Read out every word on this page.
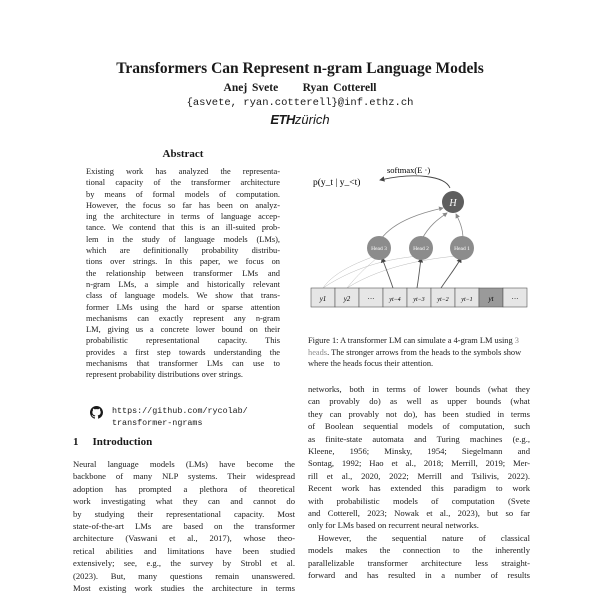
Transformers Can Represent n-gram Language Models
Anej Svete Ryan Cotterell
{asvete, ryan.cotterell}@inf.ethz.ch
ETHzürich
Abstract
Existing work has analyzed the representa-
tional capacity of the transformer architecture
by means of formal models of computation.
However, the focus so far has been on analyz-
ing the architecture in terms of language accep-
tance. We contend that this is an ill-suited prob-
lem in the study of language models (LMs),
which are definitionally probability distribu-
tions over strings. In this paper, we focus on
the relationship between transformer LMs and
n-gram LMs, a simple and historically relevant
class of language models. We show that trans-
former LMs using the hard or sparse attention
mechanisms can exactly represent any n-gram
LM, giving us a concrete lower bound on their
probabilistic representational capacity. This
provides a first step towards understanding the
mechanisms that transformer LMs can use to
represent probability distributions over strings.
https://github.com/rycolab/
transformer-ngrams
1 Introduction
Neural language models (LMs) have become the
backbone of many NLP systems. Their widespread
adoption has prompted a plethora of theoretical
work investigating what they can and cannot do
by studying their representational capacity. Most
state-of-the-art LMs are based on the transformer
architecture (Vaswani et al., 2017), whose theo-
retical abilities and limitations have been studied
extensively; see, e.g., the survey by Strobl et al.
(2023). But, many questions remain unanswered.
Most existing work studies the architecture in terms
p(y_t | y_<t)
softmax(E ·)
H
Head 3	Head 2	Head 1
y1 y2 ··· yt−4 yt−3 yt−2 yt−1 yt	···
Figure 1: A transformer LM can simulate a 4-gram LM using 3 heads. The stronger arrows from the heads to the symbols show where the heads focus their attention.
networks, both in terms of lower bounds (what they
can provably do) as well as upper bounds (what
they can provably not do), has been studied in terms
of Boolean sequential models of computation, such
as finite-state automata and Turing machines (e.g.,
Kleene, 1956; Minsky, 1954; Siegelmann and
Sontag, 1992; Hao et al., 2018; Merrill, 2019; Mer-
rill et al., 2020, 2022; Merrill and Tsilivis, 2022).
Recent work has extended this paradigm to work
with probabilistic models of computation (Svete
and Cotterell, 2023; Nowak et al., 2023), but so far
only for LMs based on recurrent neural networks.
However, the sequential nature of classical
models makes the connection to the inherently
parallelizable transformer architecture less straight-
forward and has resulted in a number of results
